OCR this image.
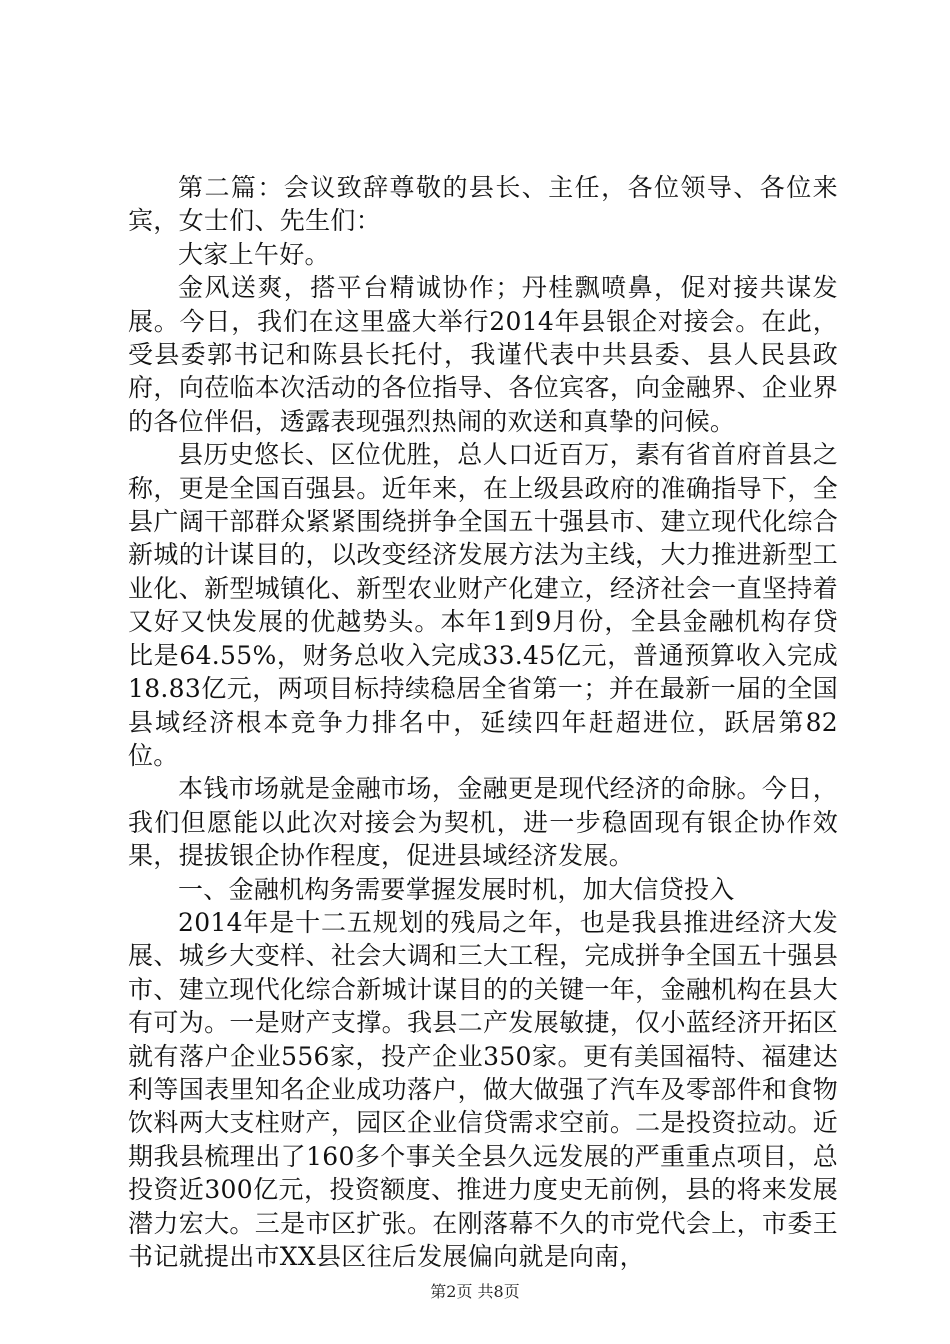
第二篇：会议致辞尊敬的县长、主任，各位领导、各位来宾，女士们、先生们：

大家上午好。

金风送爽，搭平台精诚协作；丹桂飘喷鼻，促对接共谋发展。今日，我们在这里盛大举行2014年县银企对接会。在此，受县委郭书记和陈县长托付，我谨代表中共县委、县人民县政府，向莅临本次活动的各位指导、各位宾客，向金融界、企业界的各位伴侣，透露表现强烈热闹的欢送和真挚的问候。

县历史悠长、区位优胜，总人口近百万，素有省首府首县之称，更是全国百强县。近年来，在上级县政府的准确指导下，全县广阔干部群众紧紧围绕拼争全国五十强县市、建立现代化综合新城的计谋目的，以改变经济发展方法为主线，大力推进新型工业化、新型城镇化、新型农业财产化建立，经济社会一直坚持着又好又快发展的优越势头。本年1到9月份，全县金融机构存贷比是64.55%，财务总收入完成33.45亿元，普通预算收入完成18.83亿元，两项目标持续稳居全省第一；并在最新一届的全国县域经济根本竞争力排名中，延续四年赶超进位，跃居第82位。

本钱市场就是金融市场，金融更是现代经济的命脉。今日，我们但愿能以此次对接会为契机，进一步稳固现有银企协作效果，提拔银企协作程度，促进县域经济发展。

一、金融机构务需要掌握发展时机，加大信贷投入

2014年是十二五规划的残局之年，也是我县推进经济大发展、城乡大变样、社会大调和三大工程，完成拼争全国五十强县市、建立现代化综合新城计谋目的的关键一年，金融机构在县大有可为。一是财产支撑。我县二产发展敏捷，仅小蓝经济开拓区就有落户企业556家，投产企业350家。更有美国福特、福建达利等国表里知名企业成功落户，做大做强了汽车及零部件和食物饮料两大支柱财产，园区企业信贷需求空前。二是投资拉动。近期我县梳理出了160多个事关全县久远发展的严重重点项目，总投资近300亿元，投资额度、推进力度史无前例，县的将来发展潜力宏大。三是市区扩张。在刚落幕不久的市党代会上，市委王书记就提出市XX县区往后发展偏向就是向南，

第2页 共8页
